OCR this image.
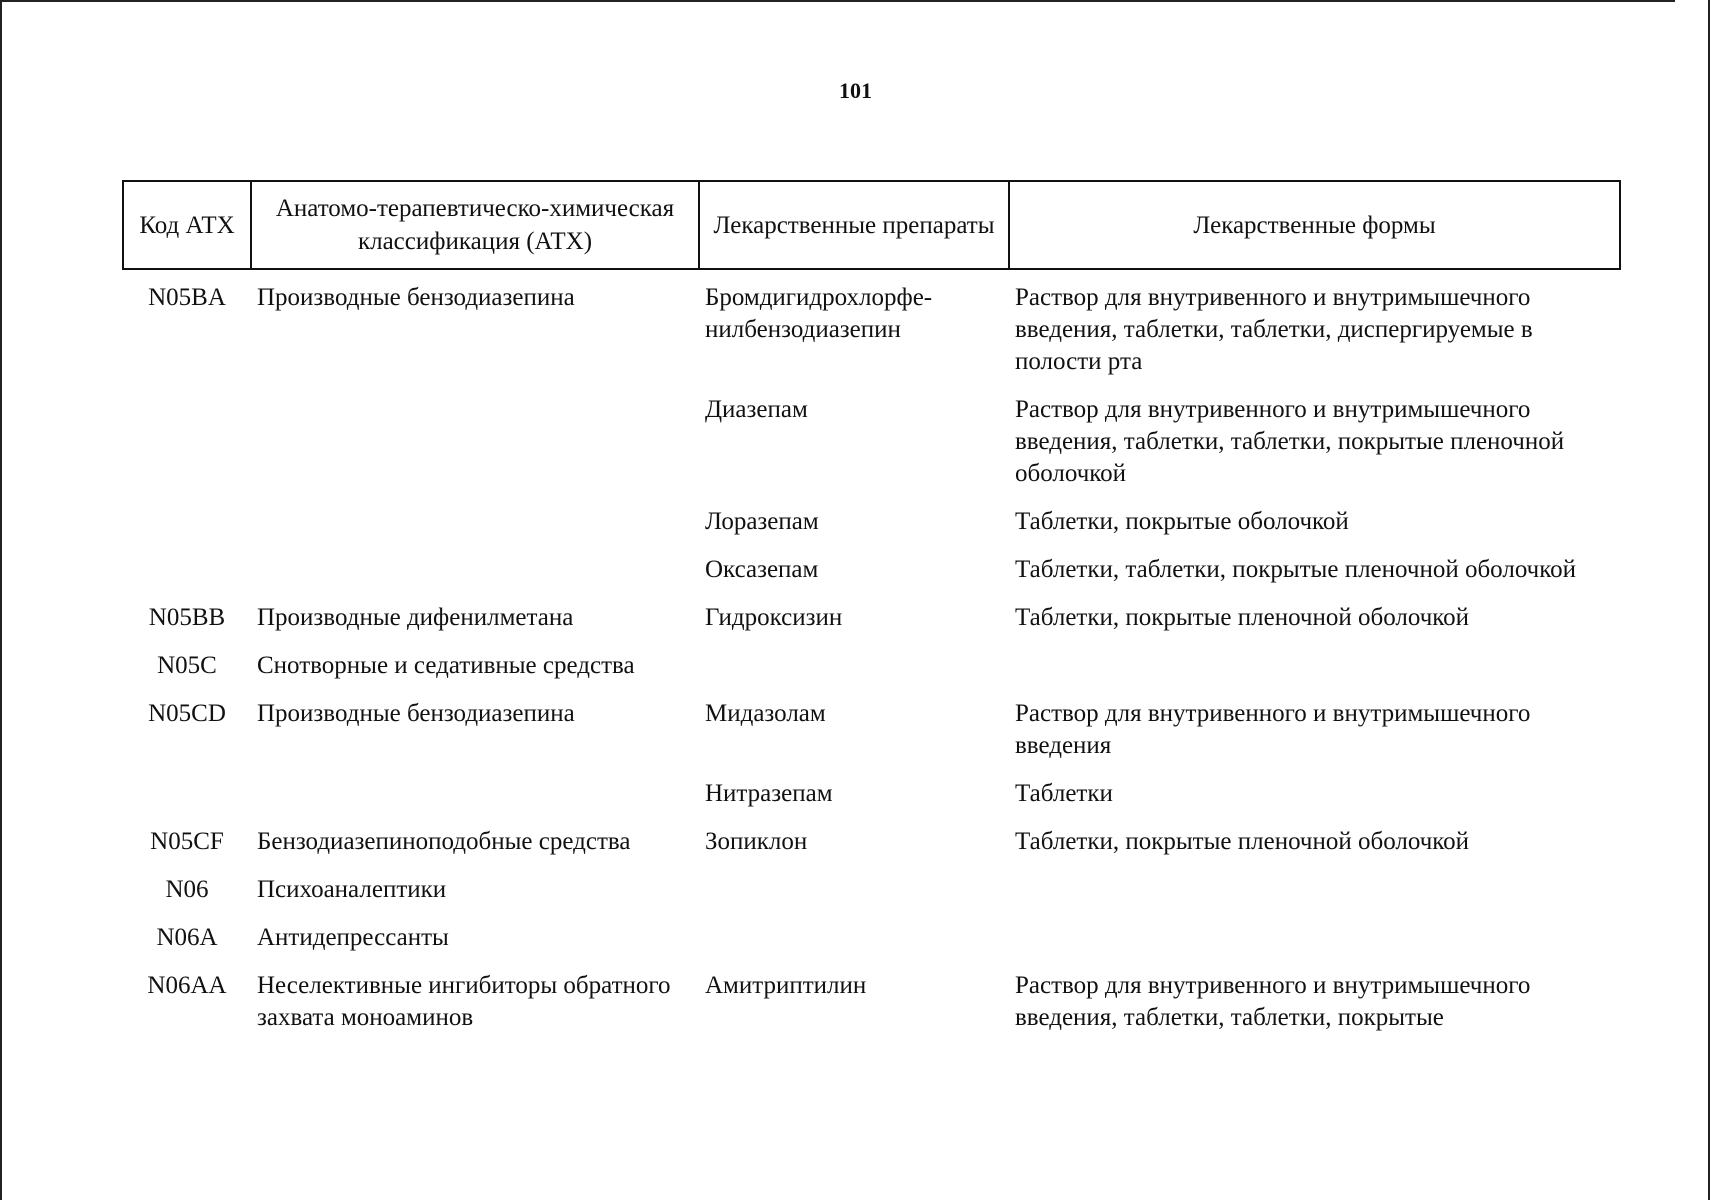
101
Код АТХ	Анатомо-терапевтическо-химическая классификация (АТХ)	Лекарственные препараты	Лекарственные формы
N05BA	Производные бензодиазепина	Бромдигидрохлорфе-нилбензодиазепин	Раствор для внутривенного и внутримышечного введения, таблетки, таблетки, диспергируемые в полости рта

		Диазепам	Раствор для внутривенного и внутримышечного введения, таблетки, таблетки, покрытые пленочной оболочкой

		Лоразепам	Таблетки, покрытые оболочкой

		Оксазепам	Таблетки, таблетки, покрытые пленочной оболочкой

N05BB	Производные дифенилметана	Гидроксизин	Таблетки, покрытые пленочной оболочкой

N05C	Снотворные и седативные средства		

N05CD	Производные бензодиазепина	Мидазолам	Раствор для внутривенного и внутримышечного введения

		Нитразепам	Таблетки

N05CF	Бензодиазепиноподобные средства	Зопиклон	Таблетки, покрытые пленочной оболочкой

N06	Психоаналептики		

N06A	Антидепрессанты		

N06AA	Неселективные ингибиторы обратного захвата моноаминов	Амитриптилин	Раствор для внутривенного и внутримышечного введения, таблетки, таблетки, покрытые
